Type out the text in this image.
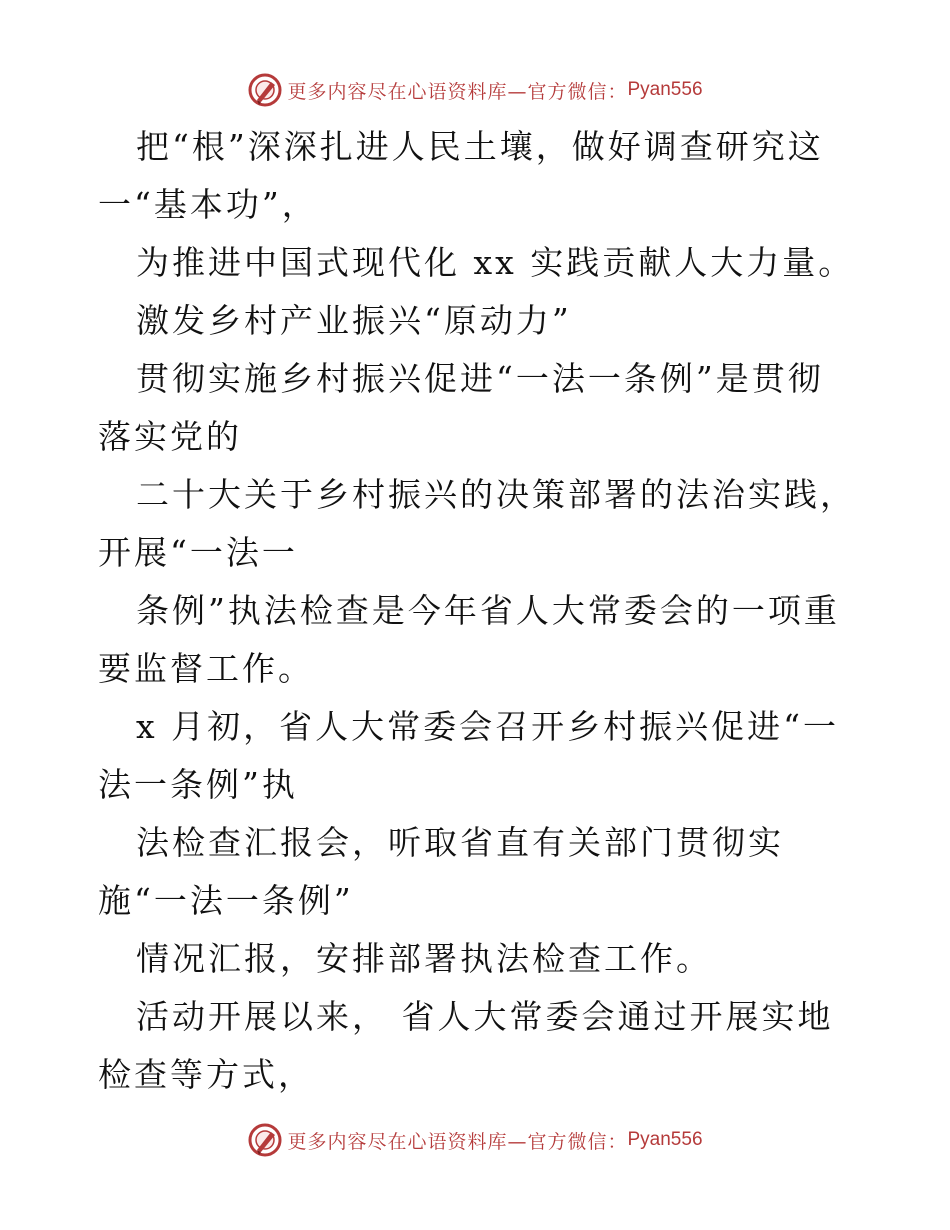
更多内容尽在心语资料库—官方微信： Pyan556

把“根”深深扎进人民土壤，做好调查研究这一“基本功”，

为推进中国式现代化 xx 实践贡献人大力量。

激发乡村产业振兴“原动力”

贯彻实施乡村振兴促进“一法一条例”是贯彻落实党的

二十大关于乡村振兴的决策部署的法治实践，开展“一法一

条例”执法检查是今年省人大常委会的一项重要监督工作。

x 月初，省人大常委会召开乡村振兴促进“一法一条例”执

法检查汇报会，听取省直有关部门贯彻实施“一法一条例”

情况汇报，安排部署执法检查工作。

活动开展以来， 省人大常委会通过开展实地检查等方式，

更多内容尽在心语资料库—官方微信： Pyan556
